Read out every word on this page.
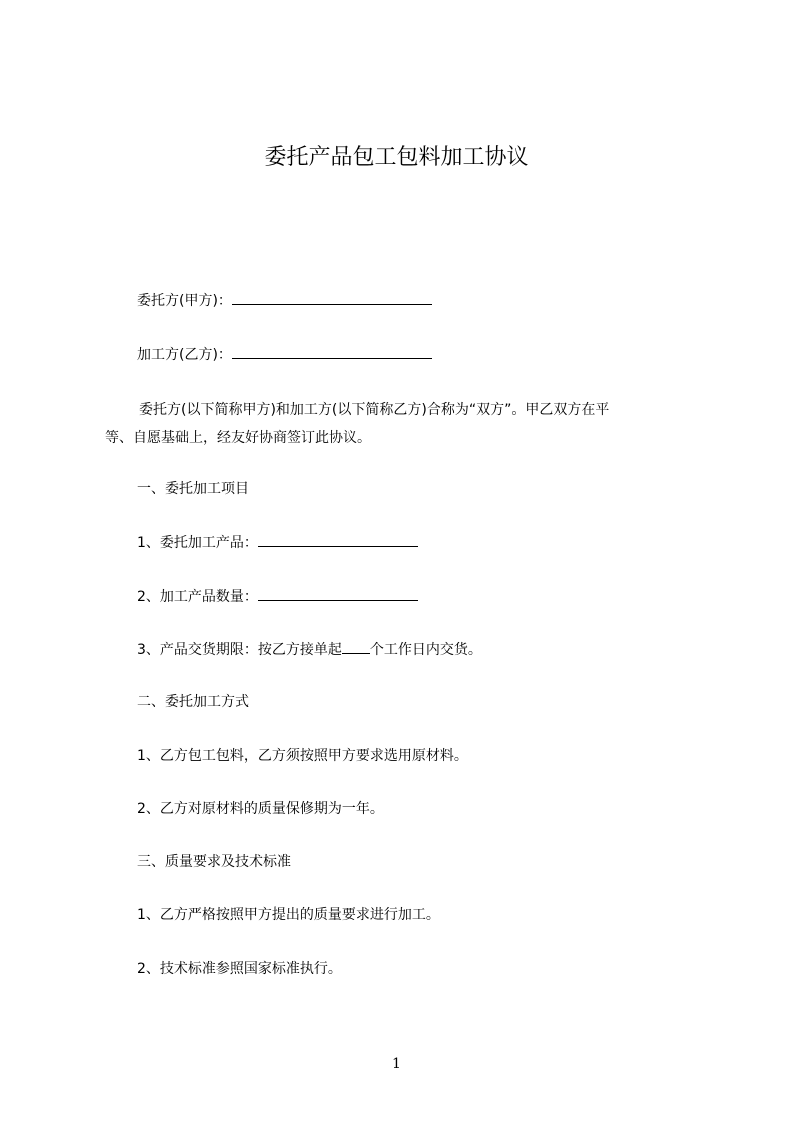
委托产品包工包料加工协议
委托方(甲方)：
加工方(乙方)：
委托方(以下简称甲方)和加工方(以下简称乙方)合称为“双方”。甲乙双方在平
等、自愿基础上，经友好协商签订此协议。
一、委托加工项目
1、委托加工产品：
2、加工产品数量：
3、产品交货期限：按乙方接单起 个工作日内交货。
二、委托加工方式
1、乙方包工包料，乙方须按照甲方要求选用原材料。
2、乙方对原材料的质量保修期为一年。
三、质量要求及技术标准
1、乙方严格按照甲方提出的质量要求进行加工。
2、技术标准参照国家标准执行。
1
